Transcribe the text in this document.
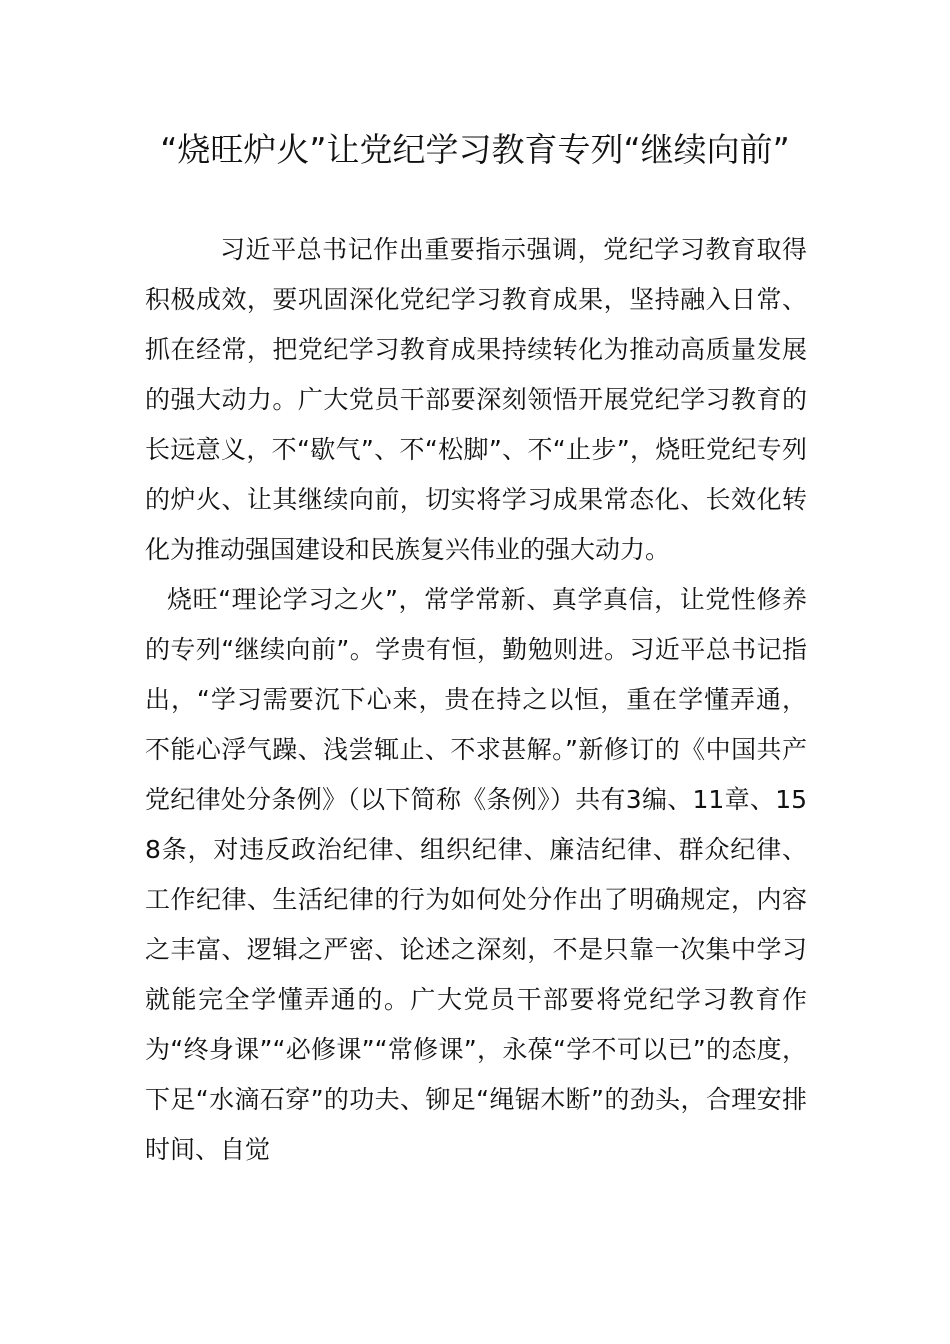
“烧旺炉火”让党纪学习教育专列“继续向前”

习近平总书记作出重要指示强调，党纪学习教育取得积极成效，要巩固深化党纪学习教育成果，坚持融入日常、抓在经常，把党纪学习教育成果持续转化为推动高质量发展的强大动力。广大党员干部要深刻领悟开展党纪学习教育的长远意义，不“歇气”、不“松脚”、不“止步”，烧旺党纪专列的炉火、让其继续向前，切实将学习成果常态化、长效化转化为推动强国建设和民族复兴伟业的强大动力。

烧旺“理论学习之火”，常学常新、真学真信，让党性修养的专列“继续向前”。学贵有恒，勤勉则进。习近平总书记指出，“学习需要沉下心来，贵在持之以恒，重在学懂弄通，不能心浮气躁、浅尝辄止、不求甚解。”新修订的《中国共产党纪律处分条例》（以下简称《条例》）共有3编、11章、158条，对违反政治纪律、组织纪律、廉洁纪律、群众纪律、工作纪律、生活纪律的行为如何处分作出了明确规定，内容之丰富、逻辑之严密、论述之深刻，不是只靠一次集中学习就能完全学懂弄通的。广大党员干部要将党纪学习教育作为“终身课”“必修课”“常修课”，永葆“学不可以已”的态度，下足“水滴石穿”的功夫、铆足“绳锯木断”的劲头，合理安排时间、自觉
